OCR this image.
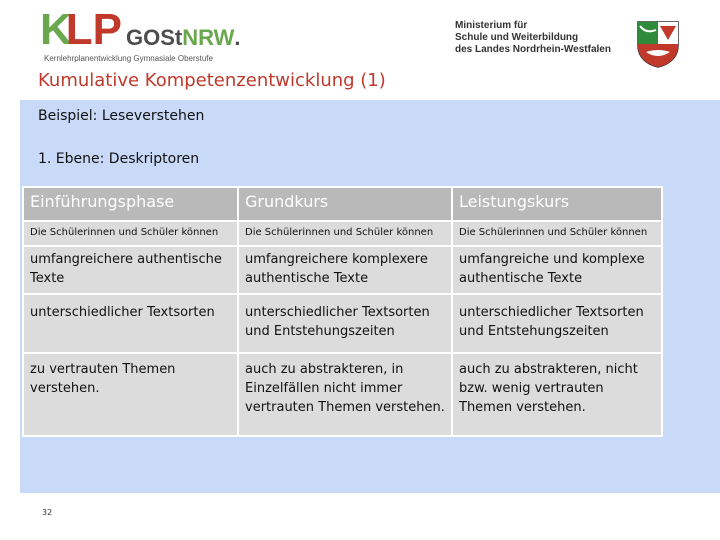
K
LP GOSt NRW .
Kernlehrplanentwicklung Gymnasiale Oberstufe
Ministerium für
Schule und Weiterbildung
des Landes Nordrhein-Westfalen
Kumulative Kompetenzentwicklung (1)
Beispiel: Leseverstehen
1. Ebene: Deskriptoren
Einführungsphase	Grundkurs	Leistungskurs
Die Schülerinnen und Schüler können	Die Schülerinnen und Schüler können	Die Schülerinnen und Schüler können
umfangreichere authentische Texte	umfangreichere komplexere authentische Texte	umfangreiche und komplexe authentische Texte
unterschiedlicher Textsorten	unterschiedlicher Textsorten und Entstehungszeiten	unterschiedlicher Textsorten und Entstehungszeiten
zu vertrauten Themen verstehen.	auch zu abstrakteren, in Einzelfällen nicht immer vertrauten Themen verstehen.	auch zu abstrakteren, nicht bzw. wenig vertrauten Themen verstehen.
32
